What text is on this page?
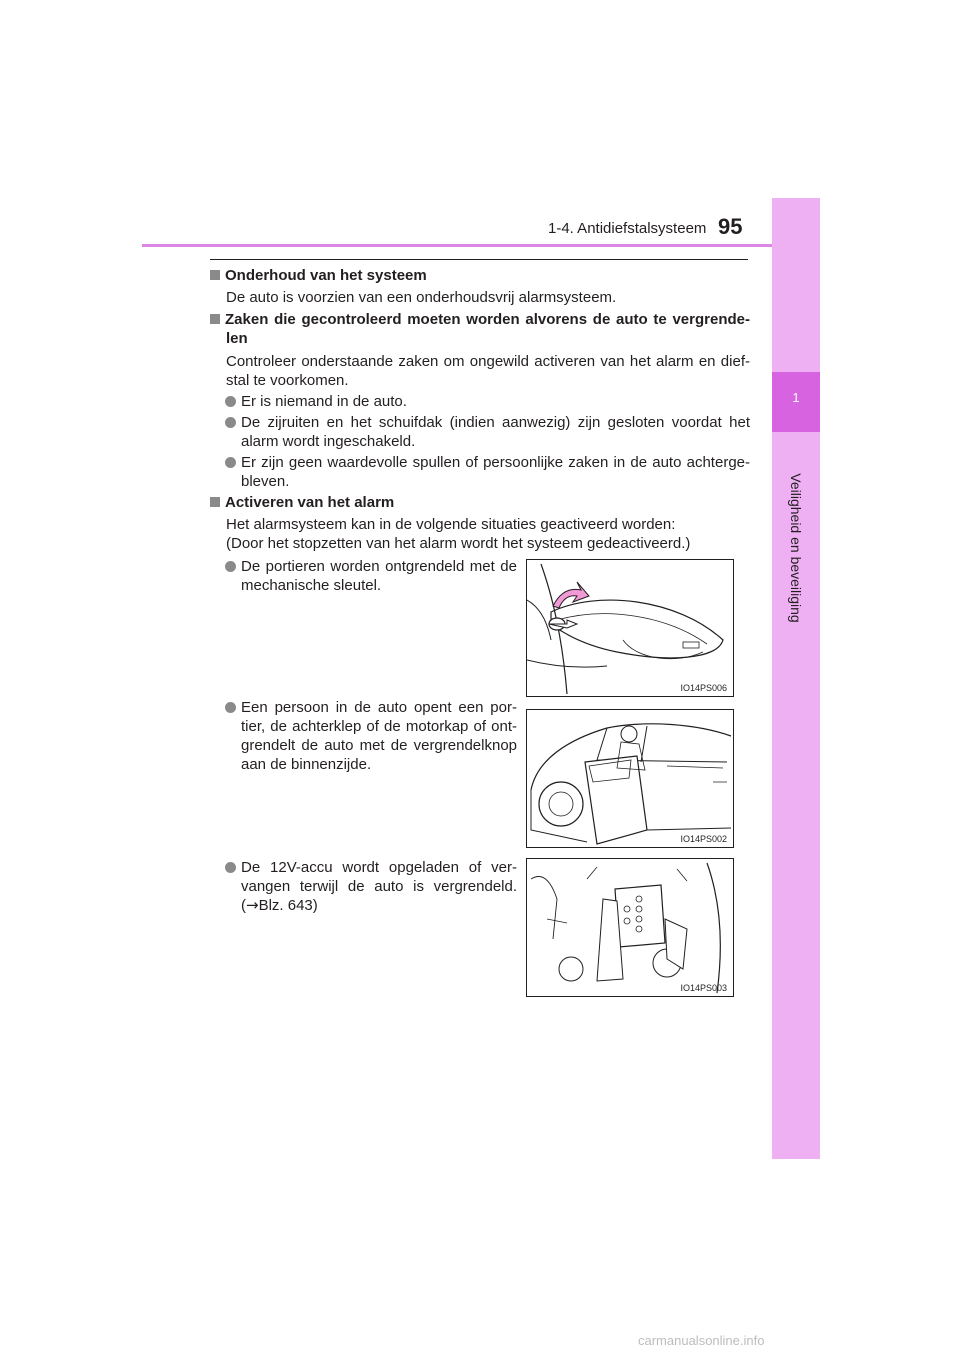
1-4. Antidiefstalsysteem 95
1
Veiligheid en beveiliging
Onderhoud van het systeem
De auto is voorzien van een onderhoudsvrij alarmsysteem.
Zaken die gecontroleerd moeten worden alvorens de auto te vergrende-
len
Controleer onderstaande zaken om ongewild activeren van het alarm en dief-
stal te voorkomen.
Er is niemand in de auto.
De zijruiten en het schuifdak (indien aanwezig) zijn gesloten voordat het
alarm wordt ingeschakeld.
Er zijn geen waardevolle spullen of persoonlijke zaken in de auto achterge-
bleven.
Activeren van het alarm
Het alarmsysteem kan in de volgende situaties geactiveerd worden:
(Door het stopzetten van het alarm wordt het systeem gedeactiveerd.)
De portieren worden ontgrendeld met de
mechanische sleutel.
IO14PS006
Een persoon in de auto opent een por-
tier, de achterklep of de motorkap of ont-
grendelt de auto met de vergrendelknop
aan de binnenzijde.
IO14PS002
De 12V-accu wordt opgeladen of ver-
vangen terwijl de auto is vergrendeld.
(→Blz. 643)
IO14PS003
carmanualsonline.info
